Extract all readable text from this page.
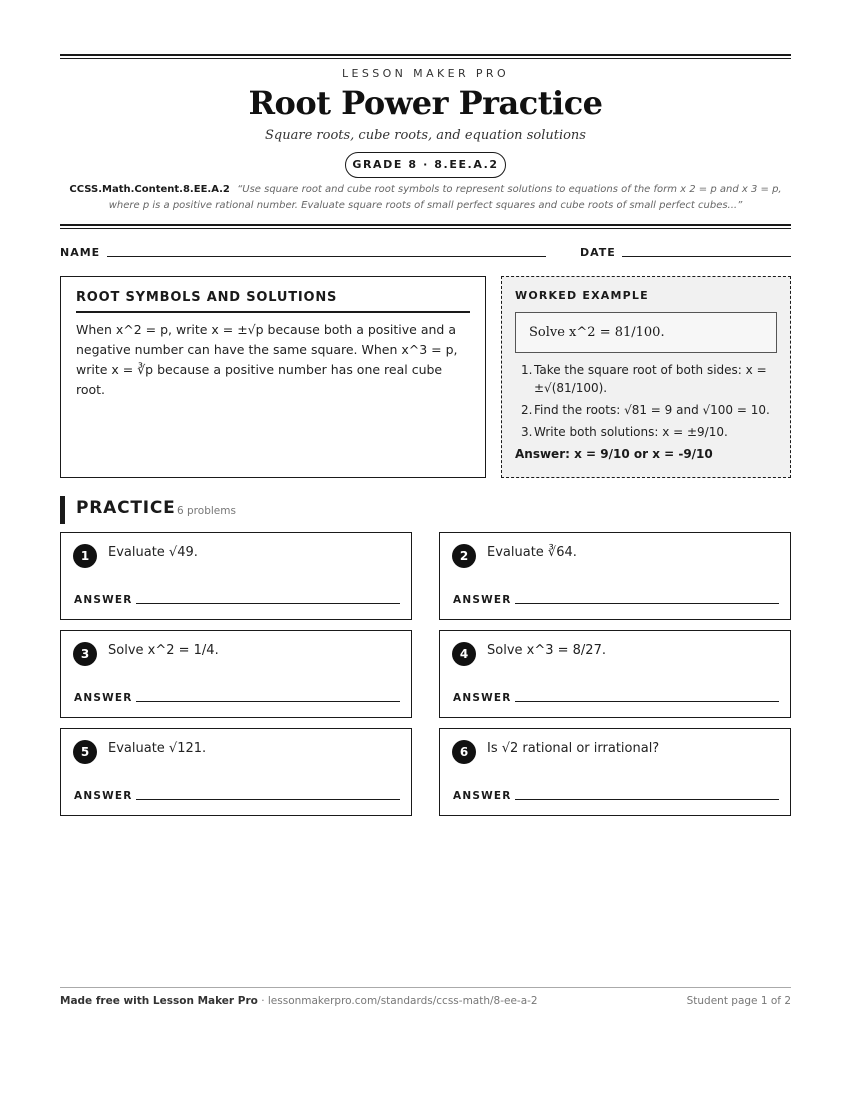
LESSON MAKER PRO
Root Power Practice
Square roots, cube roots, and equation solutions
GRADE 8 · 8.EE.A.2
CCSS.Math.Content.8.EE.A.2 “Use square root and cube root symbols to represent solutions to equations of the form x 2 = p and x 3 = p, where p is a positive rational number. Evaluate square roots of small perfect squares and cube roots of small perfect cubes...”
NAME	DATE
ROOT SYMBOLS AND SOLUTIONS
When x^2 = p, write x = ±√p because both a positive and a negative number can have the same square. When x^3 = p, write x = ∛p because a positive number has one real cube root.
WORKED EXAMPLE
Solve x^2 = 81/100.
1. Take the square root of both sides: x = ±√(81/100).
2. Find the roots: √81 = 9 and √100 = 10.
3. Write both solutions: x = ±9/10.
Answer: x = 9/10 or x = -9/10
PRACTICE 6 problems
1	Evaluate √49.
ANSWER
2	Evaluate ∛64.
ANSWER
3	Solve x^2 = 1/4.
ANSWER
4	Solve x^3 = 8/27.
ANSWER
5	Evaluate √121.
ANSWER
6	Is √2 rational or irrational?
ANSWER
Made free with Lesson Maker Pro · lessonmakerpro.com/standards/ccss-math/8-ee-a-2	Student page 1 of 2
